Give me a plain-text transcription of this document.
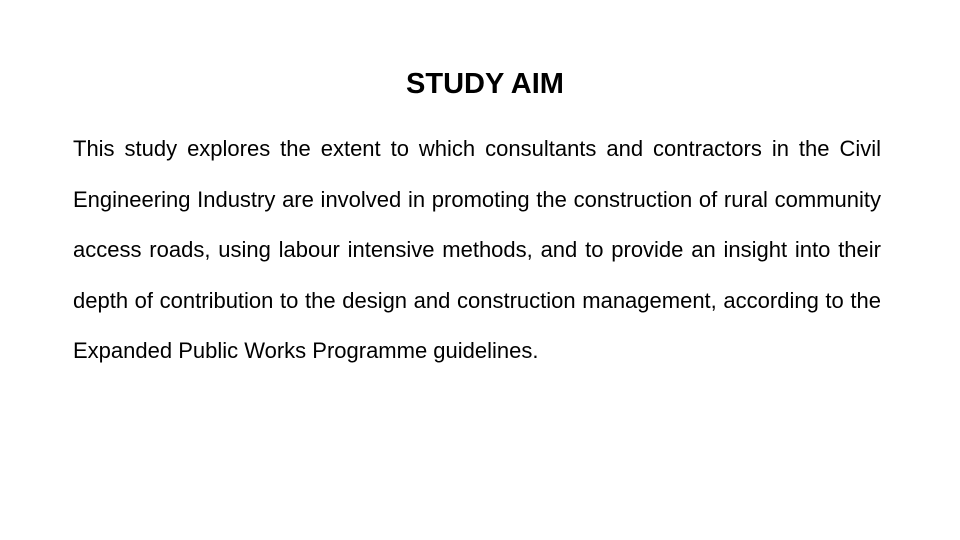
STUDY AIM

This study explores the extent to which consultants and contractors in the Civil Engineering Industry are involved in promoting the construction of rural community access roads, using labour intensive methods, and to provide an insight into their depth of contribution to the design and construction management, according to the Expanded Public Works Programme guidelines.
